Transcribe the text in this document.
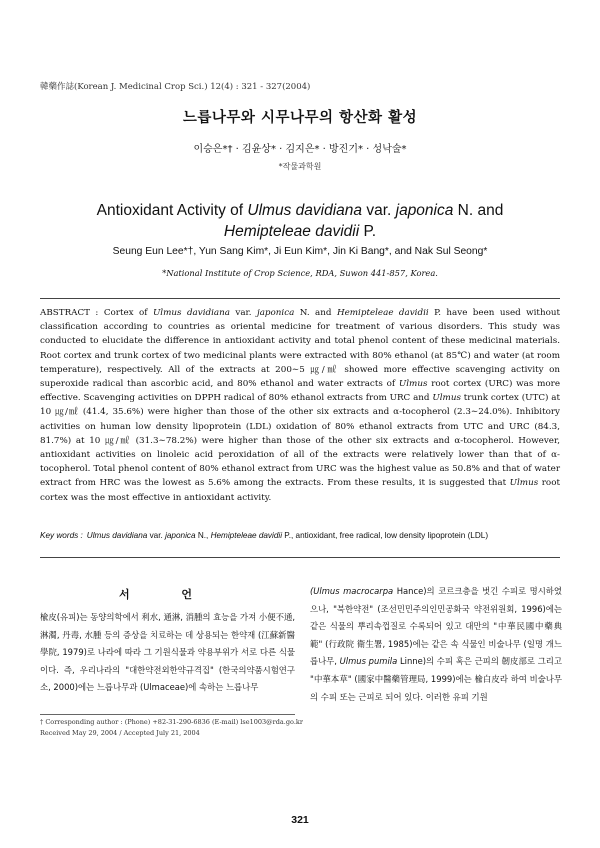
韓藥作誌(Korean J. Medicinal Crop Sci.) 12(4) : 321 - 327(2004)
느릅나무와 시무나무의 항산화 활성
이승은*† · 김윤상* · 김지은* · 방진기* · 성낙술*
*작물과학원
Antioxidant Activity of Ulmus davidiana var. japonica N. and
Hemipteleae davidii P.
Seung Eun Lee*†, Yun Sang Kim*, Ji Eun Kim*, Jin Ki Bang*, and Nak Sul Seong*
*National Institute of Crop Science, RDA, Suwon 441-857, Korea.
ABSTRACT : Cortex of Ulmus davidiana var. japonica N. and Hemipteleae davidii P. have been used without classification according to countries as oriental medicine for treatment of various disorders. This study was conducted to elucidate the difference in antioxidant activity and total phenol content of these medicinal materials. Root cortex and trunk cortex of two medicinal plants were extracted with 80% ethanol (at 85℃) and water (at room temperature), respectively. All of the extracts at 200∼5 ㎍/㎖ showed more effective scavenging activity on superoxide radical than ascorbic acid, and 80% ethanol and water extracts of Ulmus root cortex (URC) was more effective. Scavenging activities on DPPH radical of 80% ethanol extracts from URC and Ulmus trunk cortex (UTC) at 10 ㎍/㎖ (41.4, 35.6%) were higher than those of the other six extracts and α-tocopherol (2.3∼24.0%). Inhibitory activities on human low density lipoprotein (LDL) oxidation of 80% ethanol extracts from UTC and URC (84.3, 81.7%) at 10 ㎍/㎖ (31.3∼78.2%) were higher than those of the other six extracts and α-tocopherol. However, antioxidant activities on linoleic acid peroxidation of all of the extracts were relatively lower than that of α-tocopherol. Total phenol content of 80% ethanol extract from URC was the highest value as 50.8% and that of water extract from HRC was the lowest as 5.6% among the extracts. From these results, it is suggested that Ulmus root cortex was the most effective in antioxidant activity.
Key words : Ulmus davidiana var. japonica N., Hemipteleae davidii P., antioxidant, free radical, low density lipoprotein (LDL)
서 언
楡皮(유피)는 동양의학에서 利水, 通淋, 消腫의 효능을 가져 小便不通, 淋濁, 丹毒, 水腫 등의 증상을 치료하는 데 상용되는 한약재 (江蘇新醫學院, 1979)로 나라에 따라 그 기원식물과 약용부위가 서로 다른 식물이다. 즉, 우리나라의 "대한약전외한약규격집" (한국의약품시험연구소, 2000)에는 느릅나무과 (Ulmaceae)에 속하는 느릅나무
(Ulmus macrocarpa Hance)의 코르크층을 벗긴 수피로 명시하였으나, "북한약전" (조선민민주의인민공화국 약전위원회, 1996)에는 같은 식물의 뿌리속껍질로 수록되어 있고 대만의 "中華民國中藥典範" (行政院 衛生署, 1985)에는 같은 속 식물인 비술나무 (일명 개느릅나무, Ulmus pumila Linne)의 수피 혹은 근피의 韌皮部로 그리고 "中華本草" (國家中醫藥管理局, 1999)에는 楡白皮라 하여 비술나무의 수피 또는 근피로 되어 있다. 이러한 유피 기원
† Corresponding author : (Phone) +82-31-290-6836 (E-mail) lse1003@rda.go.kr
Received May 29, 2004 / Accepted July 21, 2004
321
